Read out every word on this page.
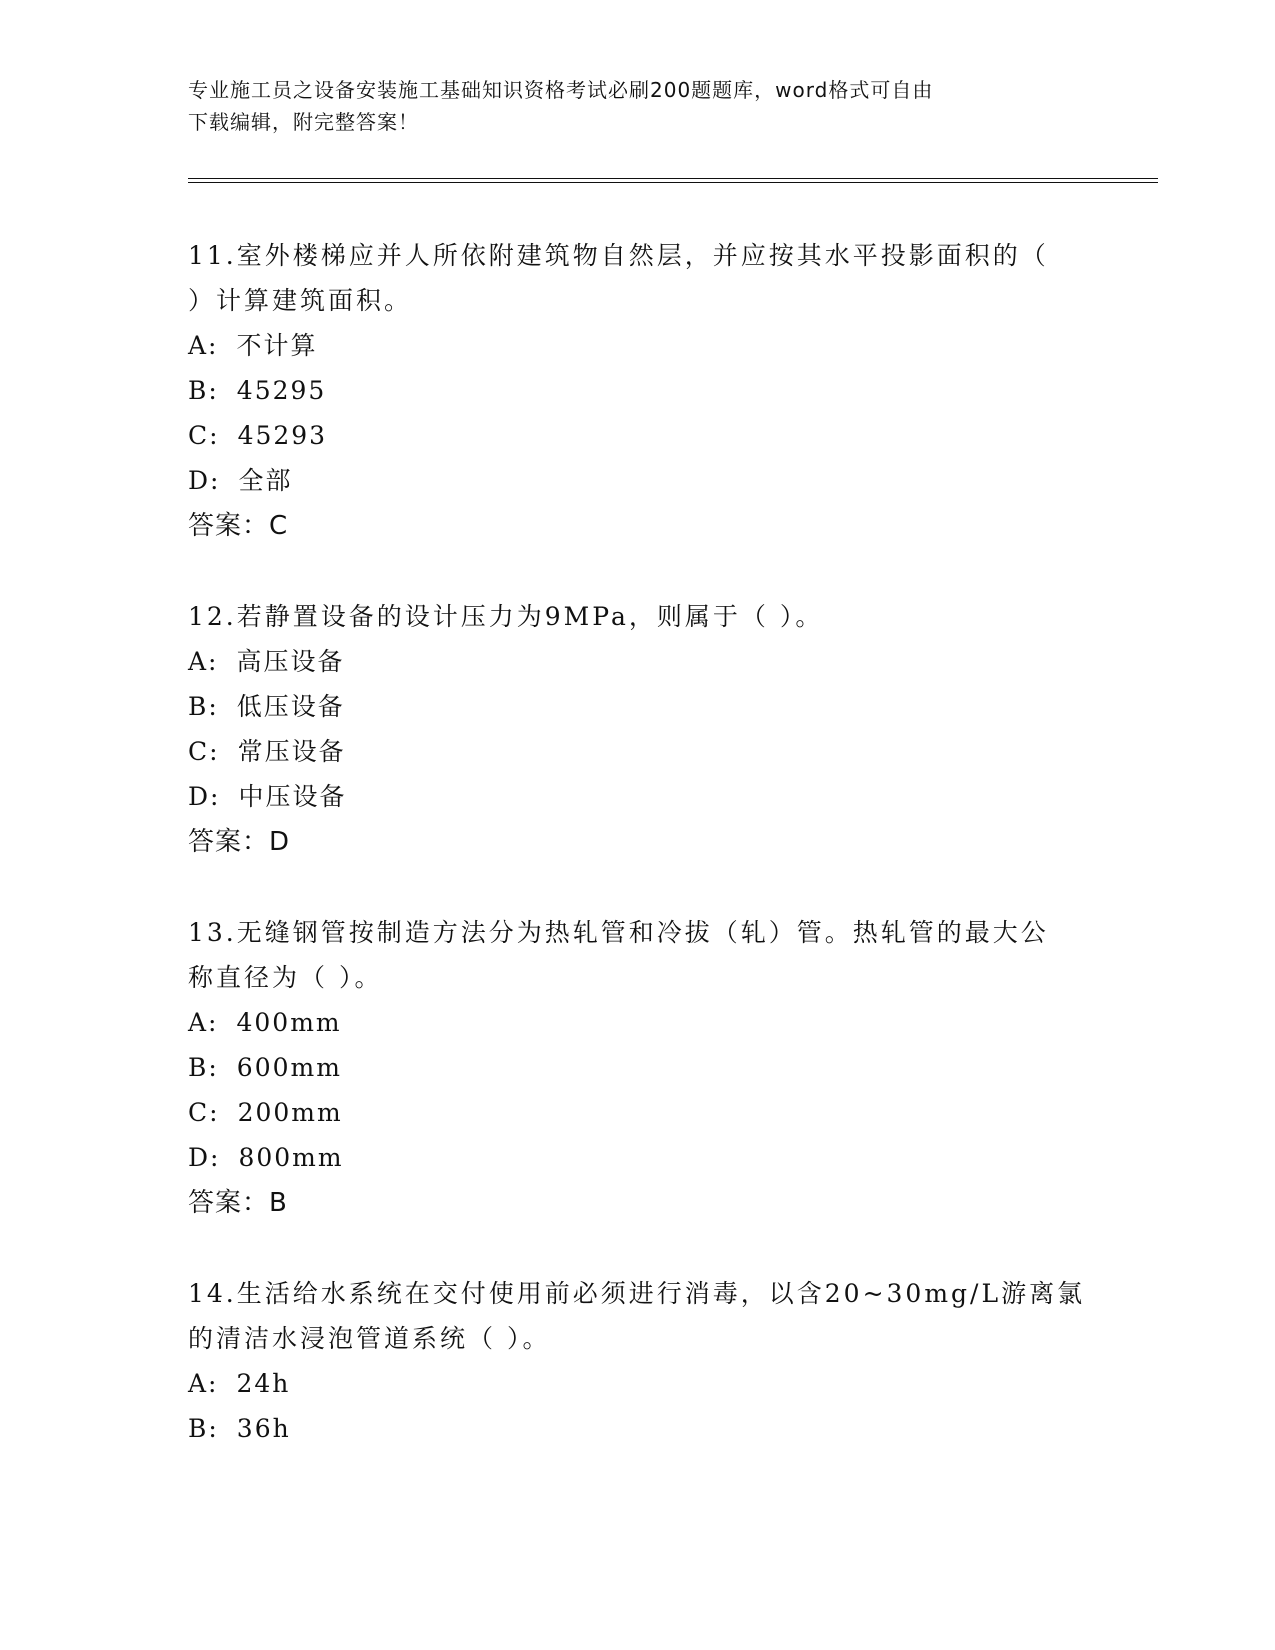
专业施工员之设备安装施工基础知识资格考试必刷200题题库，word格式可自由
下载编辑，附完整答案！
11.室外楼梯应并人所依附建筑物自然层，并应按其水平投影面积的（
）计算建筑面积。
A: 不计算
B: 45295
C: 45293
D: 全部
答案：C
12.若静置设备的设计压力为9MPa，则属于（ ）。
A: 高压设备
B: 低压设备
C: 常压设备
D: 中压设备
答案：D
13.无缝钢管按制造方法分为热轧管和冷拔（轧）管。热轧管的最大公
称直径为（ ）。
A: 400mm
B: 600mm
C: 200mm
D: 800mm
答案：B
14.生活给水系统在交付使用前必须进行消毒，以含20~30mg/L游离氯
的清洁水浸泡管道系统（ ）。
A: 24h
B: 36h
